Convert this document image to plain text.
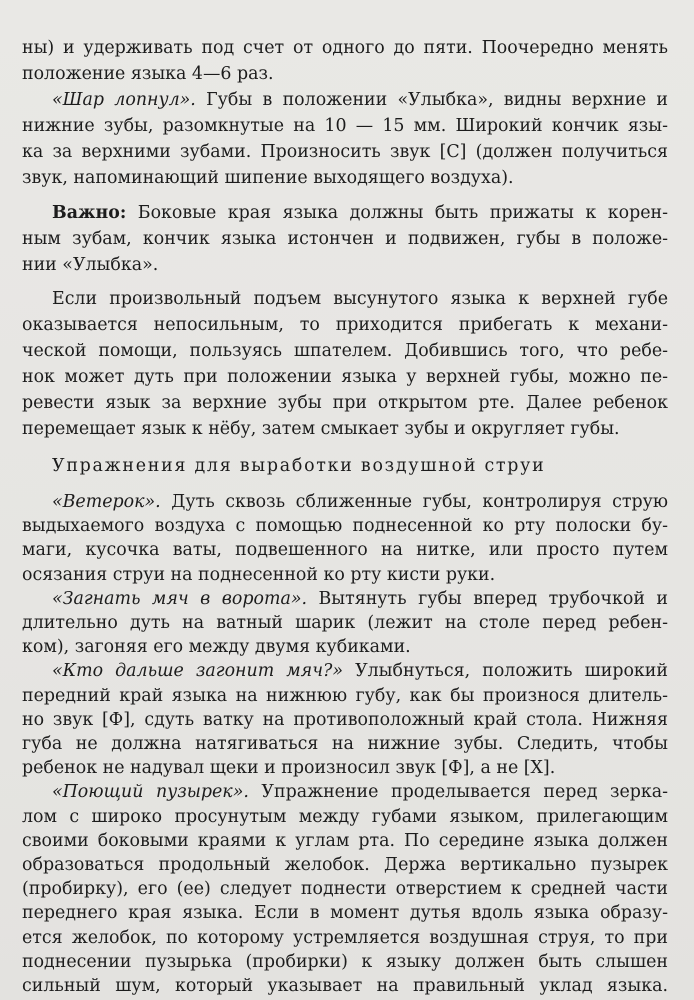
ны) и удерживать под счет от одного до пяти. Поочередно менять
положение языка 4—6 раз.
«Шар лопнул». Губы в положении «Улыбка», видны верхние и
нижние зубы, разомкнутые на 10 — 15 мм. Широкий кончик язы-
ка за верхними зубами. Произносить звук [С] (должен получиться
звук, напоминающий шипение выходящего воздуха).
Важно: Боковые края языка должны быть прижаты к корен-
ным зубам, кончик языка истончен и подвижен, губы в положе-
нии «Улыбка».
Если произвольный подъем высунутого языка к верхней губе
оказывается непосильным, то приходится прибегать к механи-
ческой помощи, пользуясь шпателем. Добившись того, что ребе-
нок может дуть при положении языка у верхней губы, можно пе-
ревести язык за верхние зубы при открытом рте. Далее ребенок
Упражнения для выработки воздушной струи
«Ветерок». Дуть сквозь сближенные губы, контролируя струю
выдыхаемого воздуха с помощью поднесенной ко рту полоски бу-
маги, кусочка ваты, подвешенного на нитке, или просто путем
осязания струи на поднесенной ко рту кисти руки.
«Загнать мяч в ворота». Вытянуть губы вперед трубочкой и
длительно дуть на ватный шарик (лежит на столе перед ребен-
ком), загоняя его между двумя кубиками.
«Кто дальше загонит мяч?» Улыбнуться, положить широкий
передний край языка на нижнюю губу, как бы произнося длитель-
но звук [Ф], сдуть ватку на противоположный край стола. Нижняя
губа не должна натягиваться на нижние зубы. Следить, чтобы
ребенок не надувал щеки и произносил звук [Ф], а не [Х].
«Поющий пузырек». Упражнение проделывается перед зерка-
лом с широко просунутым между губами языком, прилегающим
своими боковыми краями к углам рта. По середине языка должен
образоваться продольный желобок. Держа вертикально пузырек
(пробирку), его (ее) следует поднести отверстием к средней части
переднего края языка. Если в момент дутья вдоль языка образу-
ется желобок, по которому устремляется воздушная струя, то при
поднесении пузырька (пробирки) к языку должен быть слышен
сильный шум, который указывает на правильный уклад языка.
перемещает язык к нёбу, затем смыкает зубы и округляет губы.
